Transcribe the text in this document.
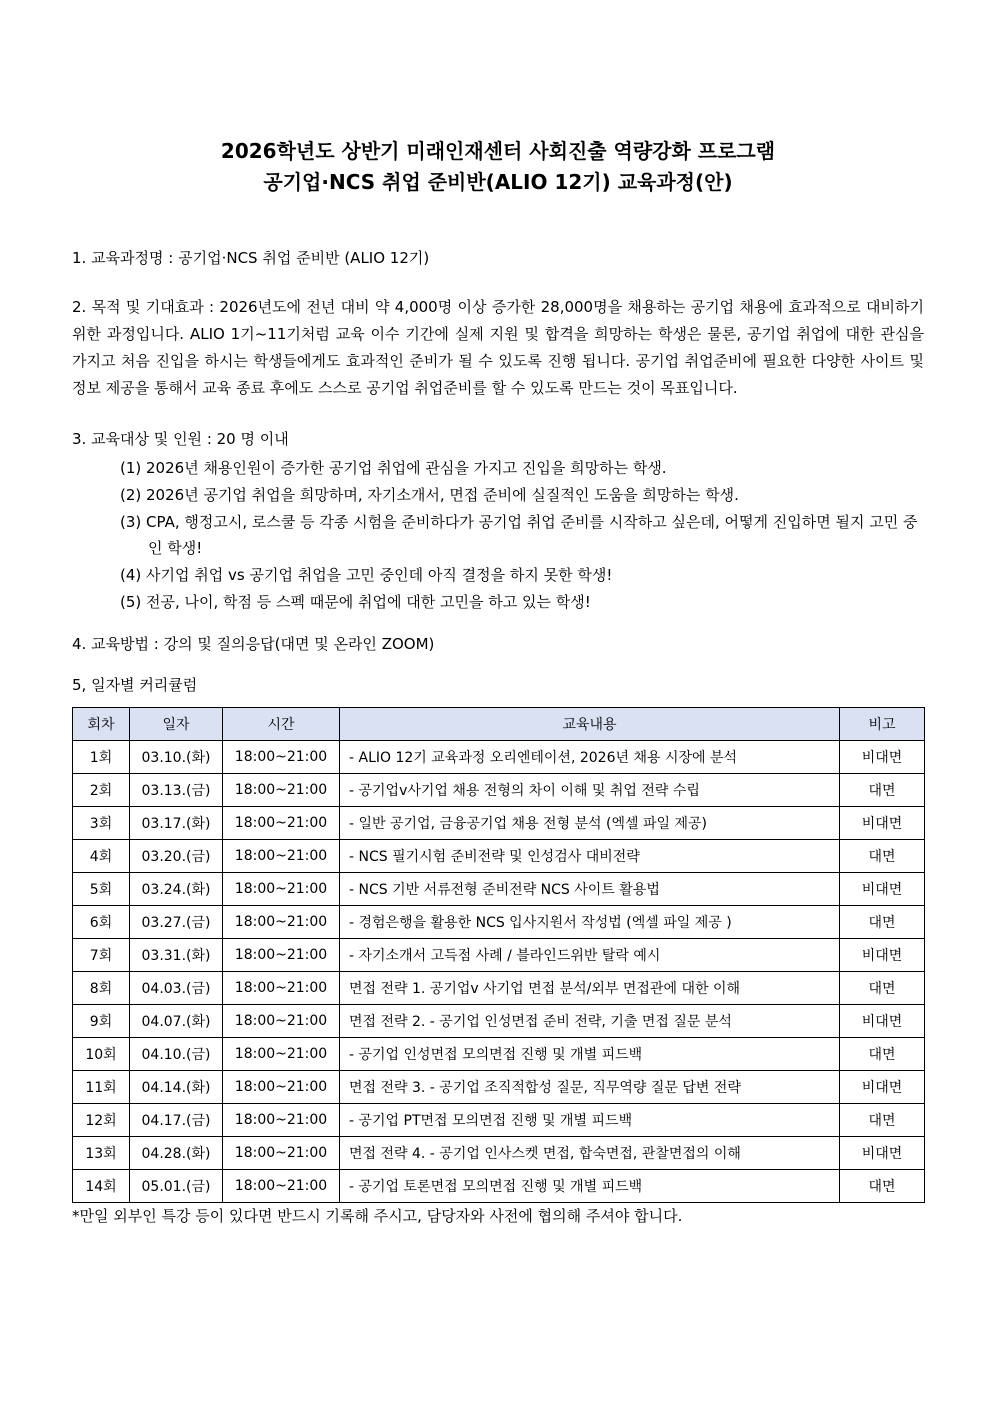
2026학년도 상반기 미래인재센터 사회진출 역량강화 프로그램
공기업·NCS 취업 준비반(ALIO 12기) 교육과정(안)
1. 교육과정명 : 공기업·NCS 취업 준비반 (ALIO 12기)
2. 목적 및 기대효과 : 2026년도에 전년 대비 약 4,000명 이상 증가한 28,000명을 채용하는 공기업 채용에 효과적으로 대비하기 위한 과정입니다. ALIO 1기~11기처럼 교육 이수 기간에 실제 지원 및 합격을 희망하는 학생은 물론, 공기업 취업에 대한 관심을 가지고 처음 진입을 하시는 학생들에게도 효과적인 준비가 될 수 있도록 진행 됩니다. 공기업 취업준비에 필요한 다양한 사이트 및 정보 제공을 통해서 교육 종료 후에도 스스로 공기업 취업준비를 할 수 있도록 만드는 것이 목표입니다.
3. 교육대상 및 인원 : 20 명 이내
(1) 2026년 채용인원이 증가한 공기업 취업에 관심을 가지고 진입을 희망하는 학생.
(2) 2026년 공기업 취업을 희망하며, 자기소개서, 면접 준비에 실질적인 도움을 희망하는 학생.
(3) CPA, 행정고시, 로스쿨 등 각종 시험을 준비하다가 공기업 취업 준비를 시작하고 싶은데, 어떻게 진입하면 될지 고민 중인 학생!
(4) 사기업 취업 vs 공기업 취업을 고민 중인데 아직 결정을 하지 못한 학생!
(5) 전공, 나이, 학점 등 스펙 때문에 취업에 대한 고민을 하고 있는 학생!
4. 교육방법 : 강의 및 질의응답(대면 및 온라인 ZOOM)
5, 일자별 커리큘럼
회차	일자	시간	교육내용	비고
1회	03.10.(화)	18:00~21:00	- ALIO 12기 교육과정 오리엔테이션, 2026년 채용 시장에 분석	비대면
2회	03.13.(금)	18:00~21:00	- 공기업v사기업 채용 전형의 차이 이해 및 취업 전략 수립	대면
3회	03.17.(화)	18:00~21:00	- 일반 공기업, 금융공기업 채용 전형 분석 (엑셀 파일 제공)	비대면
4회	03.20.(금)	18:00~21:00	- NCS 필기시험 준비전략 및 인성검사 대비전략	대면
5회	03.24.(화)	18:00~21:00	- NCS 기반 서류전형 준비전략 NCS 사이트 활용법	비대면
6회	03.27.(금)	18:00~21:00	- 경험은행을 활용한 NCS 입사지원서 작성법 (엑셀 파일 제공 )	대면
7회	03.31.(화)	18:00~21:00	- 자기소개서 고득점 사례 / 블라인드위반 탈락 예시	비대면
8회	04.03.(금)	18:00~21:00	면접 전략 1. 공기업v 사기업 면접 분석/외부 면접관에 대한 이해	대면
9회	04.07.(화)	18:00~21:00	면접 전략 2. - 공기업 인성면접 준비 전략, 기출 면접 질문 분석	비대면
10회	04.10.(금)	18:00~21:00	- 공기업 인성면접 모의면접 진행 및 개별 피드백	대면
11회	04.14.(화)	18:00~21:00	면접 전략 3. - 공기업 조직적합성 질문, 직무역량 질문 답변 전략	비대면
12회	04.17.(금)	18:00~21:00	- 공기업 PT면접 모의면접 진행 및 개별 피드백	대면
13회	04.28.(화)	18:00~21:00	면접 전략 4. - 공기업 인사스켓 면접, 합숙면접, 관찰면접의 이해	비대면
14회	05.01.(금)	18:00~21:00	- 공기업 토론면접 모의면접 진행 및 개별 피드백	대면
*만일 외부인 특강 등이 있다면 반드시 기록해 주시고, 담당자와 사전에 협의해 주셔야 합니다.
